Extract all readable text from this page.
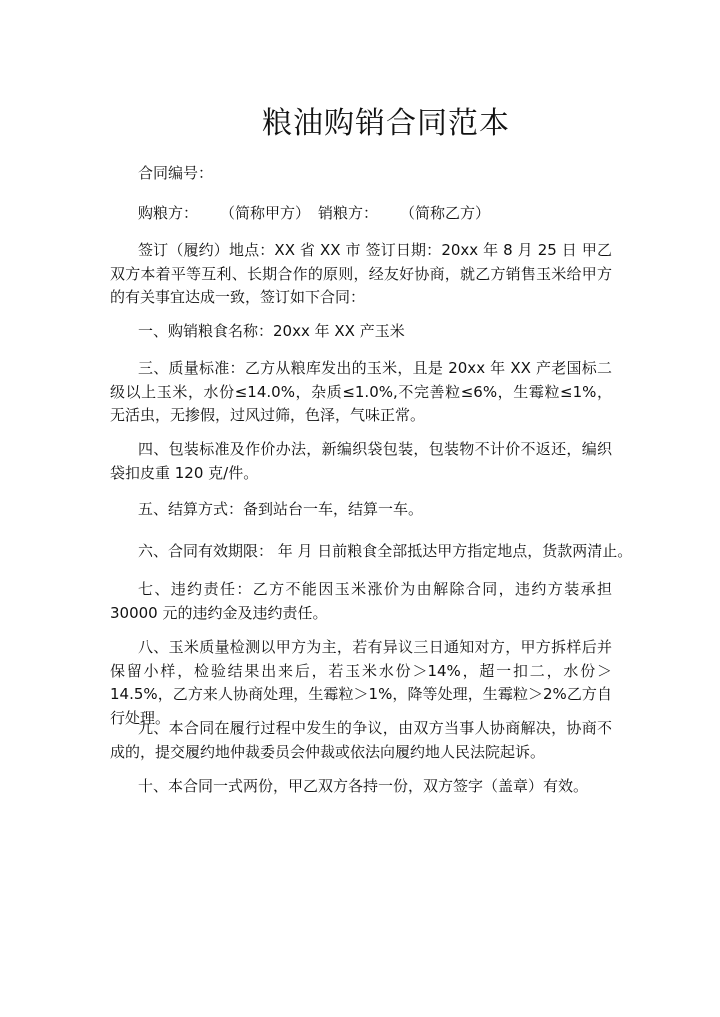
粮油购销合同范本

合同编号：

购粮方： （简称甲方） 销粮方： （简称乙方）

签订（履约）地点：XX 省 XX 市 签订日期：20xx 年 8 月 25 日 甲乙双方本着平等互利、长期合作的原则，经友好协商，就乙方销售玉米给甲方的有关事宜达成一致，签订如下合同：

一、购销粮食名称：20xx 年 XX 产玉米

三、质量标准：乙方从粮库发出的玉米，且是 20xx 年 XX 产老国标二级以上玉米，水份≤14.0%，杂质≤1.0%,不完善粒≤6%，生霉粒≤1%，无活虫，无掺假，过风过筛，色泽，气味正常。

四、包装标准及作价办法，新编织袋包装，包装物不计价不返还，编织袋扣皮重 120 克/件。

五、结算方式：备到站台一车，结算一车。

六、合同有效期限： 年 月 日前粮食全部抵达甲方指定地点，货款两清止。

七、违约责任：乙方不能因玉米涨价为由解除合同，违约方装承担 30000 元的违约金及违约责任。

八、玉米质量检测以甲方为主，若有异议三日通知对方，甲方拆样后并保留小样，检验结果出来后，若玉米水份＞14%，超一扣二，水份＞14.5%，乙方来人协商处理，生霉粒＞1%，降等处理，生霉粒＞2%乙方自行处理。

九、本合同在履行过程中发生的争议，由双方当事人协商解决，协商不成的，提交履约地仲裁委员会仲裁或依法向履约地人民法院起诉。

十、本合同一式两份，甲乙双方各持一份，双方签字（盖章）有效。
